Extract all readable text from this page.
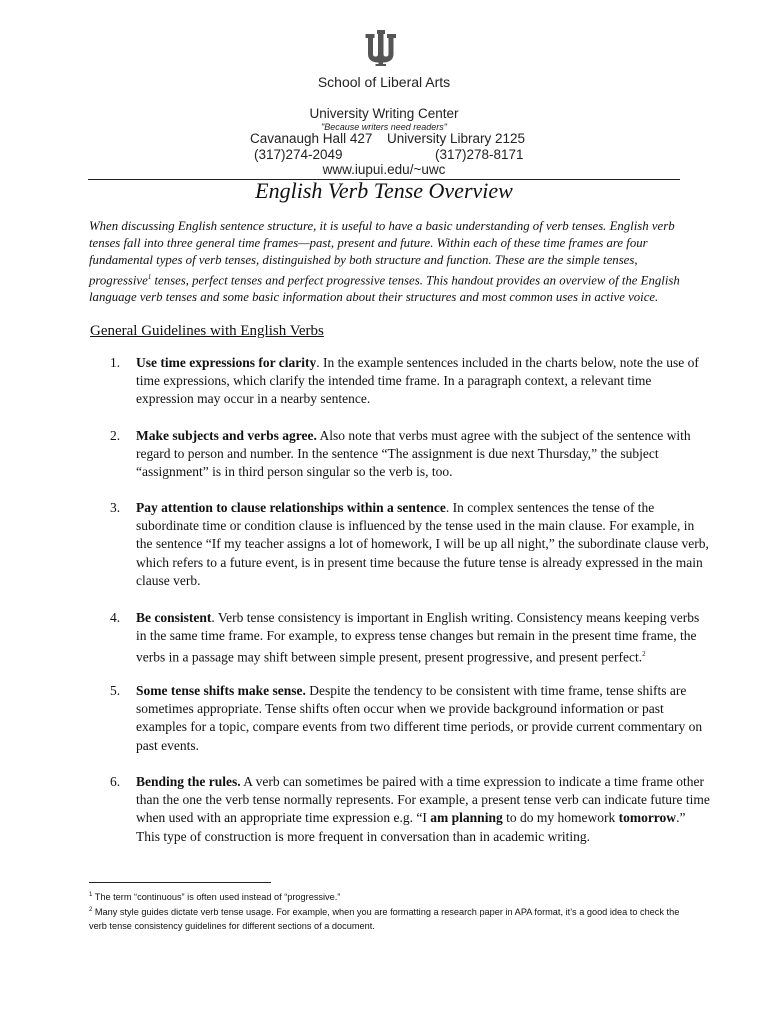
School of Liberal Arts
University Writing Center
"Because writers need readers"
Cavanaugh Hall 427 University Library 2125
(317)274-2049	(317)278-8171
www.iupui.edu/~uwc
English Verb Tense Overview

When discussing English sentence structure, it is useful to have a basic understanding of verb tenses. English verb tenses fall into three general time frames—past, present and future. Within each of these time frames are four fundamental types of verb tenses, distinguished by both structure and function. These are the simple tenses, progressive$^1$ tenses, perfect tenses and perfect progressive tenses. This handout provides an overview of the English language verb tenses and some basic information about their structures and most common uses in active voice.

General Guidelines with English Verbs
1.	Use time expressions for clarity. In the example sentences included in the charts below, note the use of time expressions, which clarify the intended time frame. In a paragraph context, a relevant time expression may occur in a nearby sentence.
2.	Make subjects and verbs agree. Also note that verbs must agree with the subject of the sentence with regard to person and number. In the sentence “The assignment is due next Thursday,” the subject “assignment” is in third person singular so the verb is, too.
3.	Pay attention to clause relationships within a sentence. In complex sentences the tense of the subordinate time or condition clause is influenced by the tense used in the main clause. For example, in the sentence “If my teacher assigns a lot of homework, I will be up all night,” the subordinate clause verb, which refers to a future event, is in present time because the future tense is already expressed in the main clause verb.
4.	Be consistent. Verb tense consistency is important in English writing. Consistency means keeping verbs in the same time frame. For example, to express tense changes but remain in the present time frame, the verbs in a passage may shift between simple present, present progressive, and present perfect.$^2$
5.	Some tense shifts make sense. Despite the tendency to be consistent with time frame, tense shifts are sometimes appropriate. Tense shifts often occur when we provide background information or past examples for a topic, compare events from two different time periods, or provide current commentary on past events.
6.	Bending the rules. A verb can sometimes be paired with a time expression to indicate a time frame other than the one the verb tense normally represents. For example, a present tense verb can indicate future time when used with an appropriate time expression e.g. “I am planning to do my homework tomorrow.” This type of construction is more frequent in conversation than in academic writing.
$^1$ The term “continuous” is often used instead of “progressive.”
$^2$ Many style guides dictate verb tense usage. For example, when you are formatting a research paper in APA format, it’s a good idea to check the verb tense consistency guidelines for different sections of a document.
